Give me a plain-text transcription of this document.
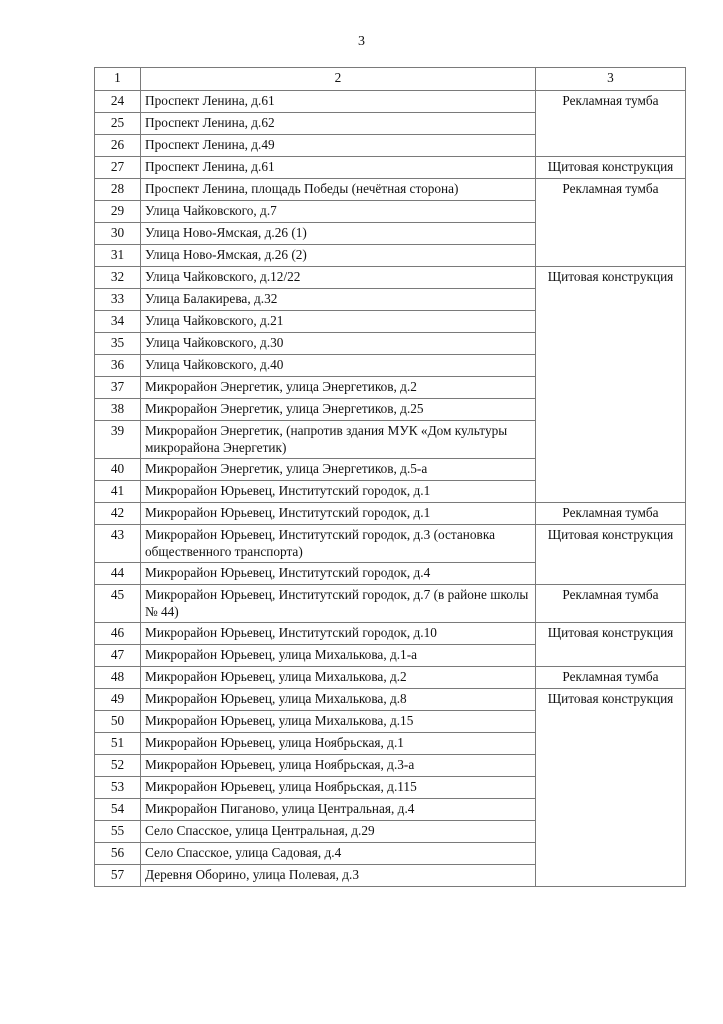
3
1	2	3
24	Проспект Ленина, д.61	Рекламная тумба
25	Проспект Ленина, д.62	
26	Проспект Ленина, д.49	
27	Проспект Ленина, д.61	Щитовая конструкция
28	Проспект Ленина, площадь Победы (нечётная сторона)	Рекламная тумба
29	Улица Чайковского, д.7	
30	Улица Ново-Ямская, д.26 (1)	
31	Улица Ново-Ямская, д.26 (2)	
32	Улица Чайковского, д.12/22	Щитовая конструкция
33	Улица Балакирева, д.32	
34	Улица Чайковского, д.21	
35	Улица Чайковского, д.30	
36	Улица Чайковского, д.40	
37	Микрорайон Энергетик, улица Энергетиков, д.2	
38	Микрорайон Энергетик, улица Энергетиков, д.25	
39	Микрорайон Энергетик, (напротив здания МУК «Дом культуры микрорайона Энергетик)	
40	Микрорайон Энергетик, улица Энергетиков, д.5-а	
41	Микрорайон Юрьевец, Институтский городок, д.1	
42	Микрорайон Юрьевец, Институтский городок, д.1	Рекламная тумба
43	Микрорайон Юрьевец, Институтский городок, д.3 (остановка общественного транспорта)	Щитовая конструкция
44	Микрорайон Юрьевец, Институтский городок, д.4	
45	Микрорайон Юрьевец, Институтский городок, д.7 (в районе школы № 44)	Рекламная тумба
46	Микрорайон Юрьевец, Институтский городок, д.10	Щитовая конструкция
47	Микрорайон Юрьевец, улица Михалькова, д.1-а	
48	Микрорайон Юрьевец, улица Михалькова, д.2	Рекламная тумба
49	Микрорайон Юрьевец, улица Михалькова, д.8	Щитовая конструкция
50	Микрорайон Юрьевец, улица Михалькова, д.15	
51	Микрорайон Юрьевец, улица Ноябрьская, д.1	
52	Микрорайон Юрьевец, улица Ноябрьская, д.3-а	
53	Микрорайон Юрьевец, улица Ноябрьская, д.115	
54	Микрорайон Пиганово, улица Центральная, д.4	
55	Село Спасское, улица Центральная, д.29	
56	Село Спасское, улица Садовая, д.4	
57	Деревня Оборино, улица Полевая, д.3	
